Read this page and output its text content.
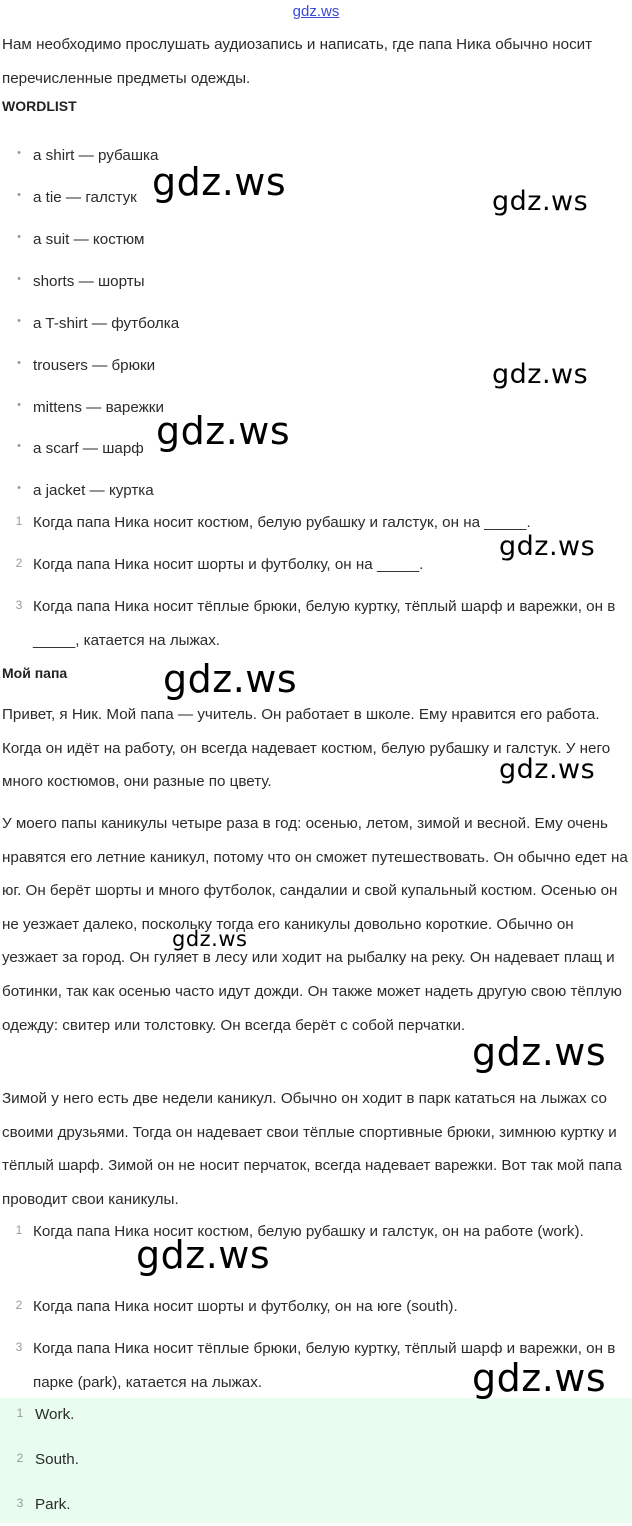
gdz.ws
Нам необходимо прослушать аудиозапись и написать, где папа Ника обычно носит перечисленные предметы одежды.
WORDLIST
• a shirt — рубашка
• a tie — галстук
• a suit — костюм
• shorts — шорты
• a T-shirt — футболка
• trousers — брюки
• mittens — варежки
• a scarf — шарф
• a jacket — куртка
1 Когда папа Ника носит костюм, белую рубашку и галстук, он на _____.
2 Когда папа Ника носит шорты и футболку, он на _____.
3 Когда папа Ника носит тёплые брюки, белую куртку, тёплый шарф и варежки, он в _____, катается на лыжах.
Мой папа
Привет, я Ник. Мой папа — учитель. Он работает в школе. Ему нравится его работа. Когда он идёт на работу, он всегда надевает костюм, белую рубашку и галстук. У него много костюмов, они разные по цвету.
У моего папы каникулы четыре раза в год: осенью, летом, зимой и весной. Ему очень нравятся его летние каникул, потому что он сможет путешествовать. Он обычно едет на юг. Он берёт шорты и много футболок, сандалии и свой купальный костюм. Осенью он не уезжает далеко, поскольку тогда его каникулы довольно короткие. Обычно он уезжает за город. Он гуляет в лесу или ходит на рыбалку на реку. Он надевает плащ и ботинки, так как осенью часто идут дожди. Он также может надеть другую свою тёплую одежду: свитер или толстовку. Он всегда берёт с собой перчатки.
Зимой у него есть две недели каникул. Обычно он ходит в парк кататься на лыжах со своими друзьями. Тогда он надевает свои тёплые спортивные брюки, зимнюю куртку и тёплый шарф. Зимой он не носит перчаток, всегда надевает варежки. Вот так мой папа проводит свои каникулы.
1 Когда папа Ника носит костюм, белую рубашку и галстук, он на работе (work).
2 Когда папа Ника носит шорты и футболку, он на юге (south).
3 Когда папа Ника носит тёплые брюки, белую куртку, тёплый шарф и варежки, он в парке (park), катается на лыжах.
1 Work.
2 South.
3 Park.
gdz.ws	gdz.ws
gdz.ws
gdz.ws
gdz.ws
gdz.ws
gdz.ws
gdz.ws
gdz.ws
gdz.ws
gdz.ws
